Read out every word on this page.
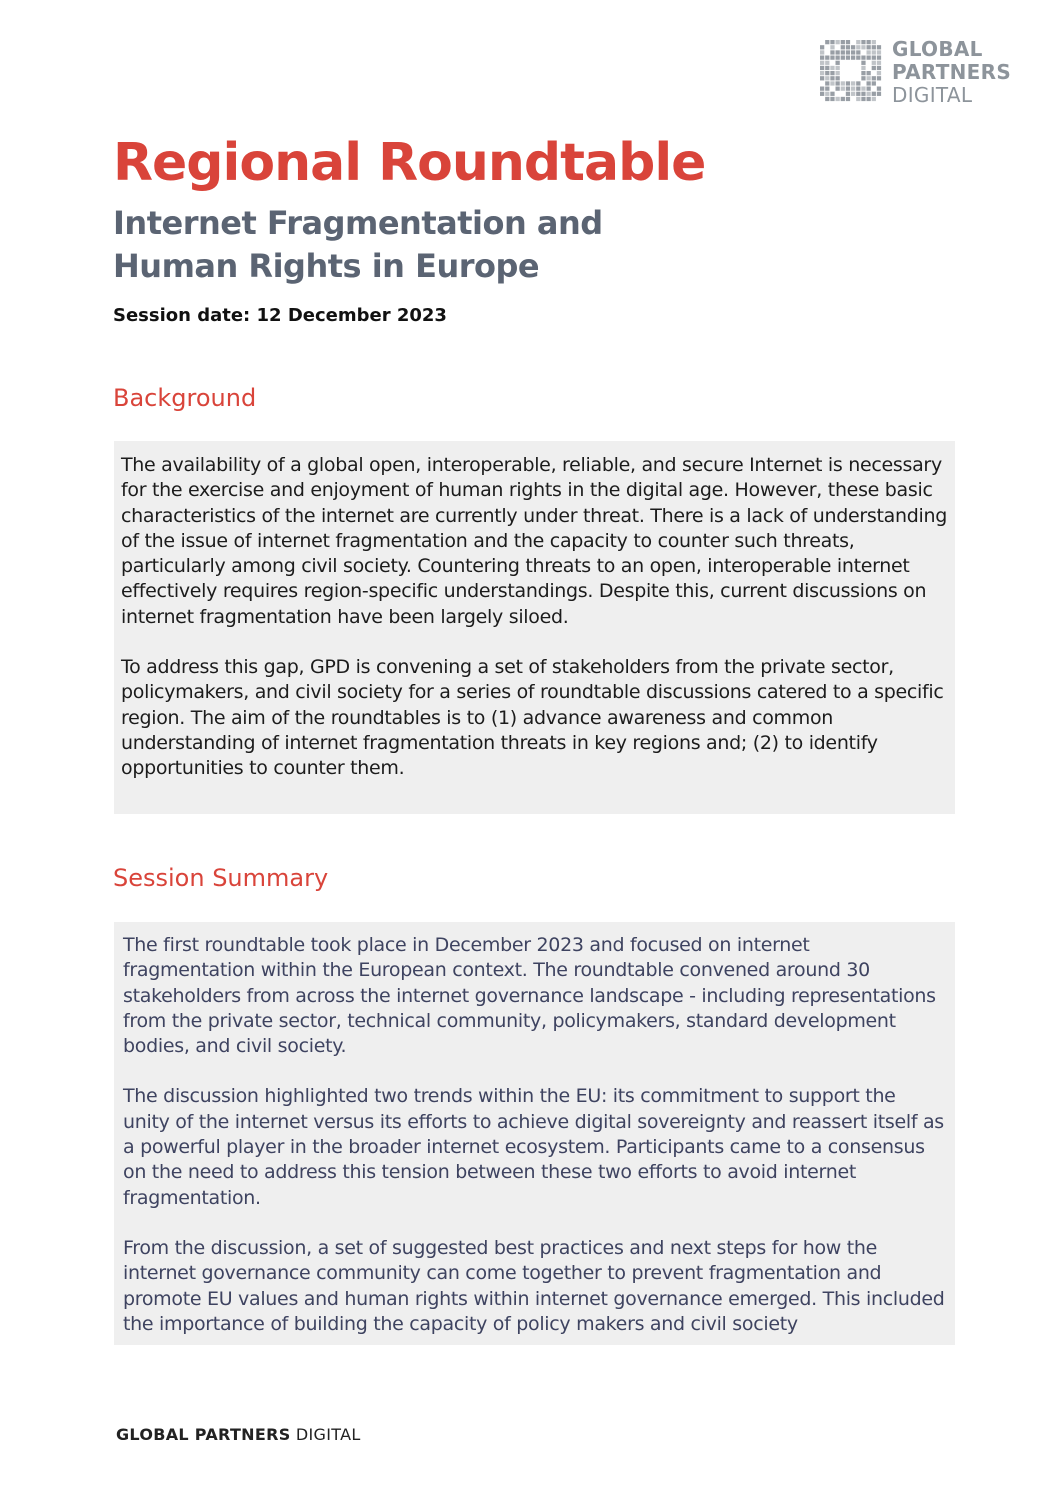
GLOBAL
PARTNERS
DIGITAL
Regional Roundtable
Internet Fragmentation and
Human Rights in Europe
Session date: 12 December 2023
Background

The availability of a global open, interoperable, reliable, and secure Internet is necessary for the exercise and enjoyment of human rights in the digital age. However, these basic characteristics of the internet are currently under threat. There is a lack of understanding of the issue of internet fragmentation and the capacity to counter such threats, particularly among civil society. Countering threats to an open, interoperable internet effectively requires region-specific understandings. Despite this, current discussions on internet fragmentation have been largely siloed.

To address this gap, GPD is convening a set of stakeholders from the private sector, policymakers, and civil society for a series of roundtable discussions catered to a specific region. The aim of the roundtables is to (1) advance awareness and common understanding of internet fragmentation threats in key regions and; (2) to identify opportunities to counter them.

Session Summary

The first roundtable took place in December 2023 and focused on internet fragmentation within the European context. The roundtable convened around 30 stakeholders from across the internet governance landscape - including representations from the private sector, technical community, policymakers, standard development bodies, and civil society.

The discussion highlighted two trends within the EU: its commitment to support the unity of the internet versus its efforts to achieve digital sovereignty and reassert itself as a powerful player in the broader internet ecosystem. Participants came to a consensus on the need to address this tension between these two efforts to avoid internet fragmentation.

From the discussion, a set of suggested best practices and next steps for how the internet governance community can come together to prevent fragmentation and promote EU values and human rights within internet governance emerged. This included the importance of building the capacity of policy makers and civil society

GLOBAL PARTNERS DIGITAL
